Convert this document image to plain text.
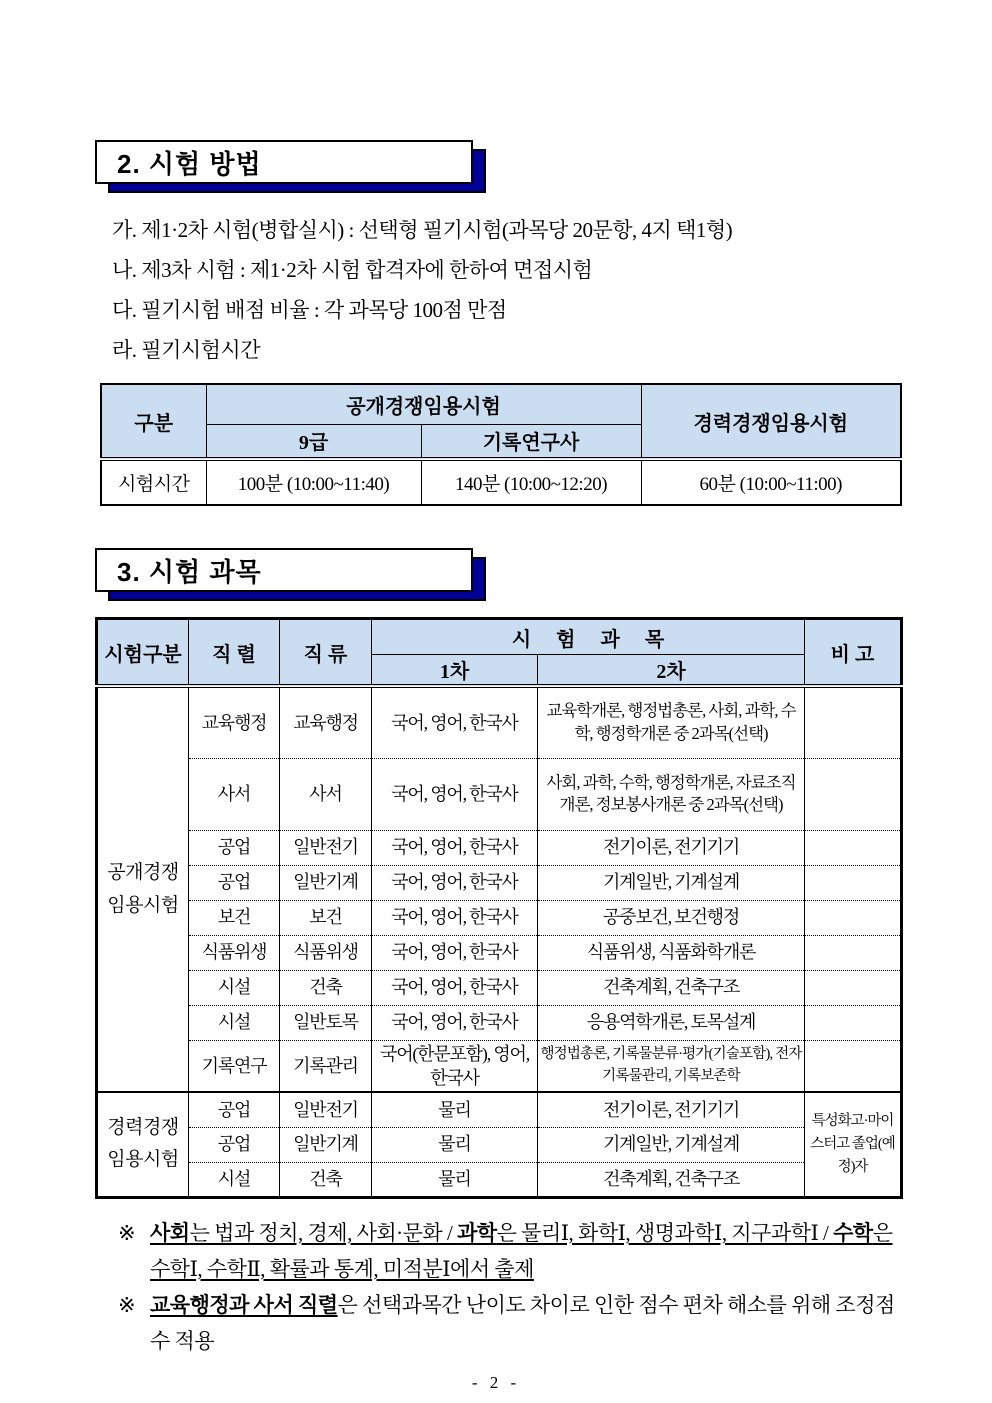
2. 시험 방법
가. 제1·2차 시험(병합실시) : 선택형 필기시험(과목당 20문항, 4지 택1형)
나. 제3차 시험 : 제1·2차 시험 합격자에 한하여 면접시험
다. 필기시험 배점 비율 : 각 과목당 100점 만점
라. 필기시험시간
구분	공개경쟁임용시험		경력경쟁임용시험
	9급	기록연구사	
시험시간	100분 (10:00~11:40)	140분 (10:00~12:20)	60분 (10:00~11:00)
3. 시험 과목
시험구분	직 렬	직 류	시 험 과 목		비 고
			1차	2차	
공개경쟁 임용시험	교육행정	교육행정	국어, 영어, 한국사	교육학개론, 행정법총론, 사회, 과학, 수학, 행정학개론 중 2과목(선택)	
	사서	사서	국어, 영어, 한국사	사회, 과학, 수학, 행정학개론, 자료조직개론, 정보봉사개론 중 2과목(선택)	
	공업	일반전기	국어, 영어, 한국사	전기이론, 전기기기	
	공업	일반기계	국어, 영어, 한국사	기계일반, 기계설계	
	보건	보건	국어, 영어, 한국사	공중보건, 보건행정	
	식품위생	식품위생	국어, 영어, 한국사	식품위생, 식품화학개론	
	시설	건축	국어, 영어, 한국사	건축계획, 건축구조	
	시설	일반토목	국어, 영어, 한국사	응용역학개론, 토목설계	
	기록연구	기록관리	국어(한문포함), 영어, 한국사	행정법총론, 기록물분류·평가(기술포함), 전자기록물관리, 기록보존학	
경력경쟁 임용시험	공업	일반전기	물리	전기이론, 전기기기	특성화고·마이스터고 졸업(예정)자
	공업	일반기계	물리	기계일반, 기계설계	
	시설	건축	물리	건축계획, 건축구조	
※ 사회는 법과 정치, 경제, 사회·문화 / 과학은 물리Ⅰ, 화학Ⅰ, 생명과학Ⅰ, 지구과학Ⅰ / 수학은 수학Ⅰ, 수학Ⅱ, 확률과 통계, 미적분Ⅰ에서 출제
※ 교육행정과 사서 직렬은 선택과목간 난이도 차이로 인한 점수 편차 해소를 위해 조정점수 적용
- 2 -
